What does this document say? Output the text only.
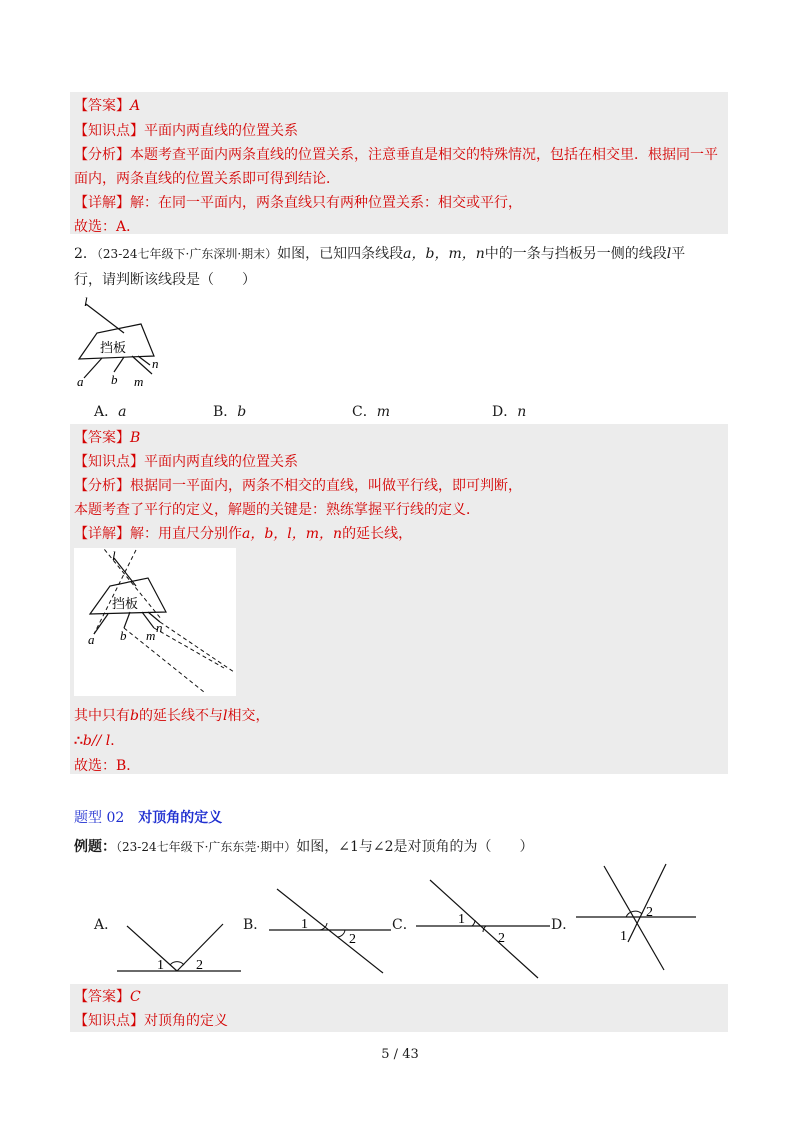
【答案】A
【知识点】平面内两直线的位置关系
【分析】本题考查平面内两条直线的位置关系，注意垂直是相交的特殊情况，包括在相交里．根据同一平
面内，两条直线的位置关系即可得到结论．
【详解】解：在同一平面内，两条直线只有两种位置关系：相交或平行，
故选：A．
2．（23-24七年级下·广东深圳·期末）如图，已知四条线段a，b，m，n中的一条与挡板另一侧的线段l平
行，请判断该线段是（　　）
挡板
l
a b m
n
A．a	B．b	C．m	D．n
【答案】B
【知识点】平面内两直线的位置关系
【分析】根据同一平面内，两条不相交的直线，叫做平行线，即可判断，
本题考查了平行的定义，解题的关键是：熟练掌握平行线的定义．
【详解】解：用直尺分别作a，b，l，m，n的延长线，
挡板
l
a b m
n
其中只有b的延长线不与l相交，
∴b// l．
故选：B．
题型 02 对顶角的定义
例题：（23-24七年级下·广东东莞·期中）如图，∠1与∠2是对顶角的为（　　）
A．
1 2
B． 1
2
C．	1
2
D．
1
2
【答案】C
【知识点】对顶角的定义
5 / 43
